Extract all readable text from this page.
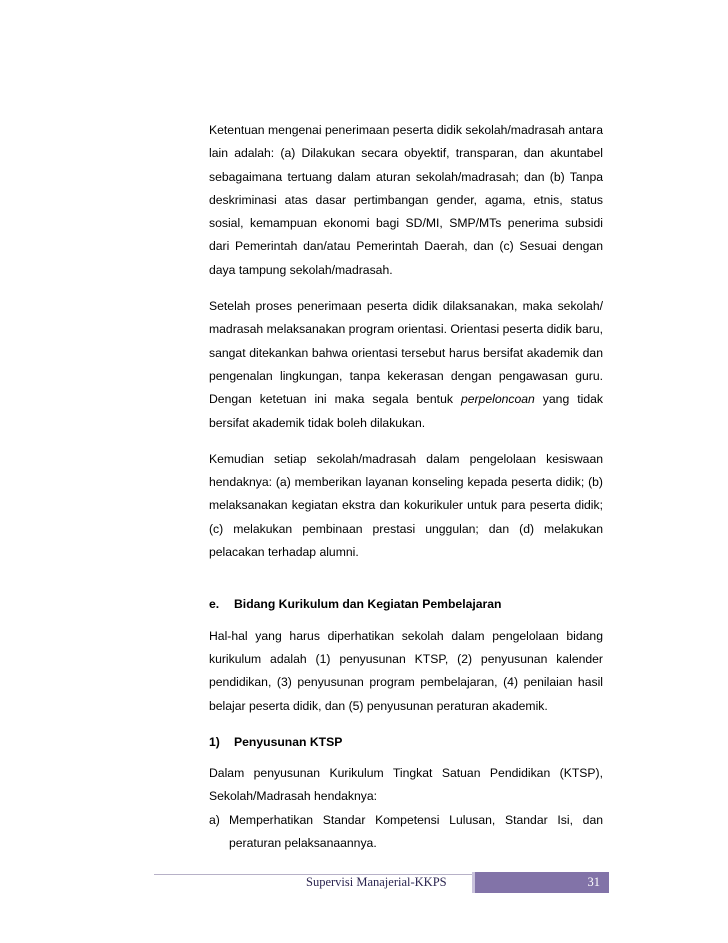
Ketentuan mengenai penerimaan peserta didik sekolah/madrasah antara lain adalah: (a) Dilakukan secara obyektif, transparan, dan akuntabel sebagaimana tertuang dalam aturan sekolah/madrasah; dan (b) Tanpa deskriminasi atas dasar pertimbangan gender, agama, etnis, status sosial, kemampuan ekonomi bagi SD/MI, SMP/MTs penerima subsidi dari Pemerintah dan/atau Pemerintah Daerah, dan (c) Sesuai dengan daya tampung sekolah/madrasah.

Setelah proses penerimaan peserta didik dilaksanakan, maka sekolah/ madrasah melaksanakan program orientasi. Orientasi peserta didik baru, sangat ditekankan bahwa orientasi tersebut harus bersifat akademik dan pengenalan lingkungan, tanpa kekerasan dengan pengawasan guru. Dengan ketetuan ini maka segala bentuk perpeloncoan yang tidak bersifat akademik tidak boleh dilakukan.

Kemudian setiap sekolah/madrasah dalam pengelolaan kesiswaan hendaknya: (a) memberikan layanan konseling kepada peserta didik; (b) melaksanakan kegiatan ekstra dan kokurikuler untuk para peserta didik; (c) melakukan pembinaan prestasi unggulan; dan (d) melakukan pelacakan terhadap alumni.

e.	Bidang Kurikulum dan Kegiatan Pembelajaran

Hal-hal yang harus diperhatikan sekolah dalam pengelolaan bidang kurikulum adalah (1) penyusunan KTSP, (2) penyusunan kalender pendidikan, (3) penyusunan program pembelajaran, (4) penilaian hasil belajar peserta didik, dan (5) penyusunan peraturan akademik.

1)	Penyusunan KTSP

Dalam penyusunan Kurikulum Tingkat Satuan Pendidikan (KTSP), Sekolah/Madrasah hendaknya:

a) Memperhatikan Standar Kompetensi Lulusan, Standar Isi, dan peraturan pelaksanaannya.
Supervisi Manajerial-KKPS	31
